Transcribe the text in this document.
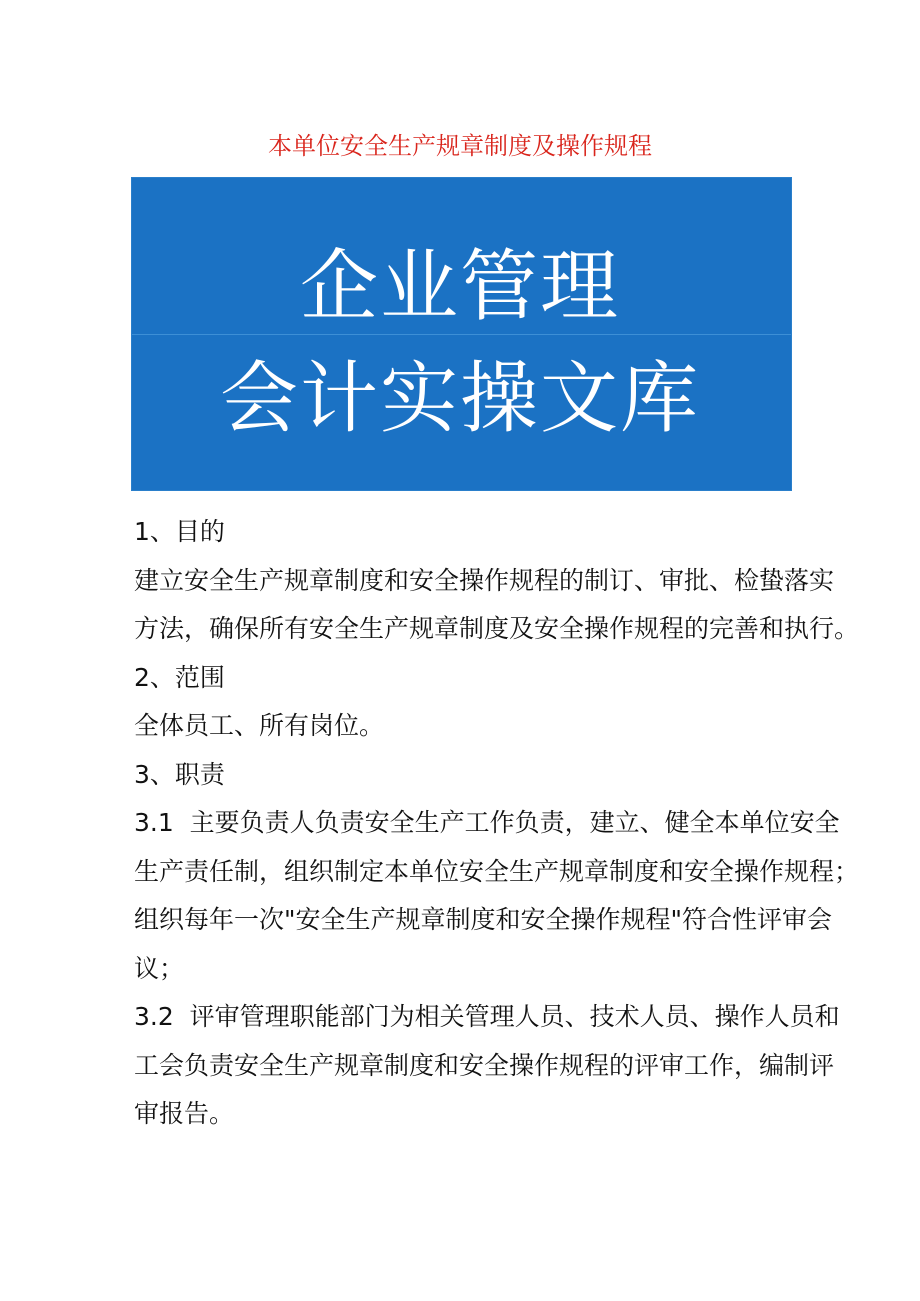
本单位安全生产规章制度及操作规程
企业管理
会计实操文库

1、目的

建立安全生产规章制度和安全操作规程的制订、审批、检蛰落实

方法，确保所有安全生产规章制度及安全操作规程的完善和执行。

2、范围

全体员工、所有岗位。

3、职责

3.1  主要负责人负责安全生产工作负责，建立、健全本单位安全

生产责任制，组织制定本单位安全生产规章制度和安全操作规程；

组织每年一次"安全生产规章制度和安全操作规程"符合性评审会

议；

3.2  评审管理职能部门为相关管理人员、技术人员、操作人员和

工会负责安全生产规章制度和安全操作规程的评审工作，编制评

审报告。
